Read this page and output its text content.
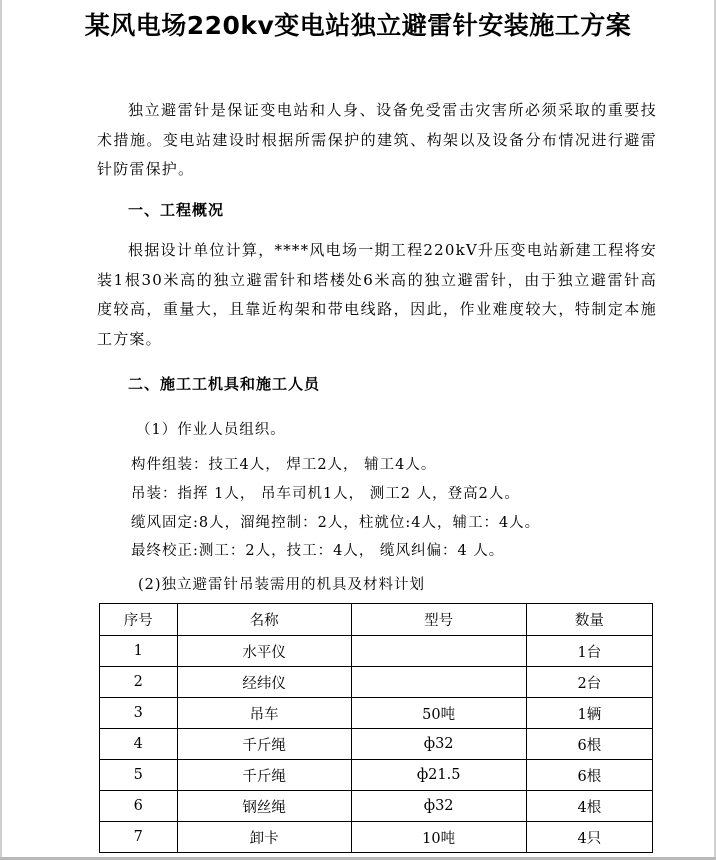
某风电场220kv变电站独立避雷针安装施工方案
独立避雷针是保证变电站和人身、设备免受雷击灾害所必须采取的重要技术措施。变电站建设时根据所需保护的建筑、构架以及设备分布情况进行避雷针防雷保护。
一、工程概况
根据设计单位计算，****风电场一期工程220kV升压变电站新建工程将安装1根30米高的独立避雷针和塔楼处6米高的独立避雷针，由于独立避雷针高度较高，重量大，且靠近构架和带电线路，因此，作业难度较大，特制定本施工方案。
二、施工工机具和施工人员
（1）作业人员组织。
构件组装：技工4人， 焊工2人， 辅工4人。
吊装：指挥 1人， 吊车司机1人， 测工2 人，登高2人。
缆风固定:8人，溜绳控制：2人，柱就位:4人，辅工：4人。
最终校正:测工：2人，技工：4人， 缆风纠偏：4 人。
(2)独立避雷针吊装需用的机具及材料计划
序号	名称	型号	数量
1	水平仪		1台
2	经纬仪		2台
3	吊车	50吨	1辆
4	千斤绳	ф32	6根
5	千斤绳	ф21.5	6根
6	钢丝绳	ф32	4根
7	卸卡	10吨	4只
